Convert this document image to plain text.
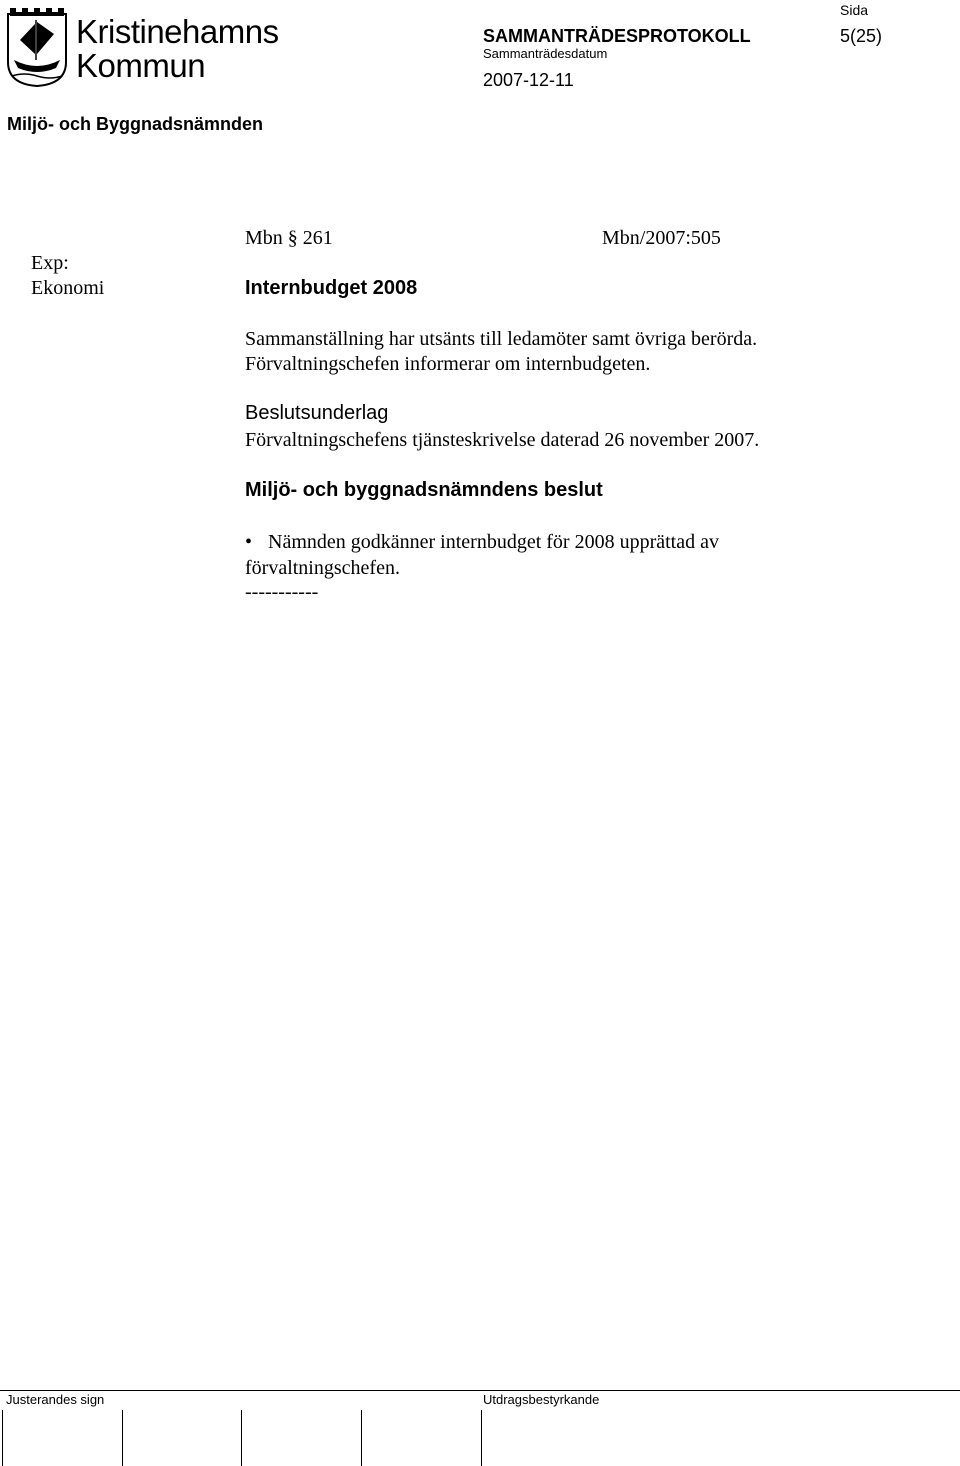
Kristinehamns
Kommun
Sida
SAMMANTRÄDESPROTOKOLL	5(25)
Sammanträdesdatum
2007-12-11
Miljö- och Byggnadsnämnden
Mbn § 261	Mbn/2007:505
Exp:
Ekonomi	Internbudget 2008
Sammanställning har utsänts till ledamöter samt övriga berörda.
Förvaltningschefen informerar om internbudgeten.
Beslutsunderlag
Förvaltningschefens tjänsteskrivelse daterad 26 november 2007.
Miljö- och byggnadsnämndens beslut
• Nämnden godkänner internbudget för 2008 upprättad av
förvaltningschefen.
-----------
Justerandes sign	Utdragsbestyrkande
